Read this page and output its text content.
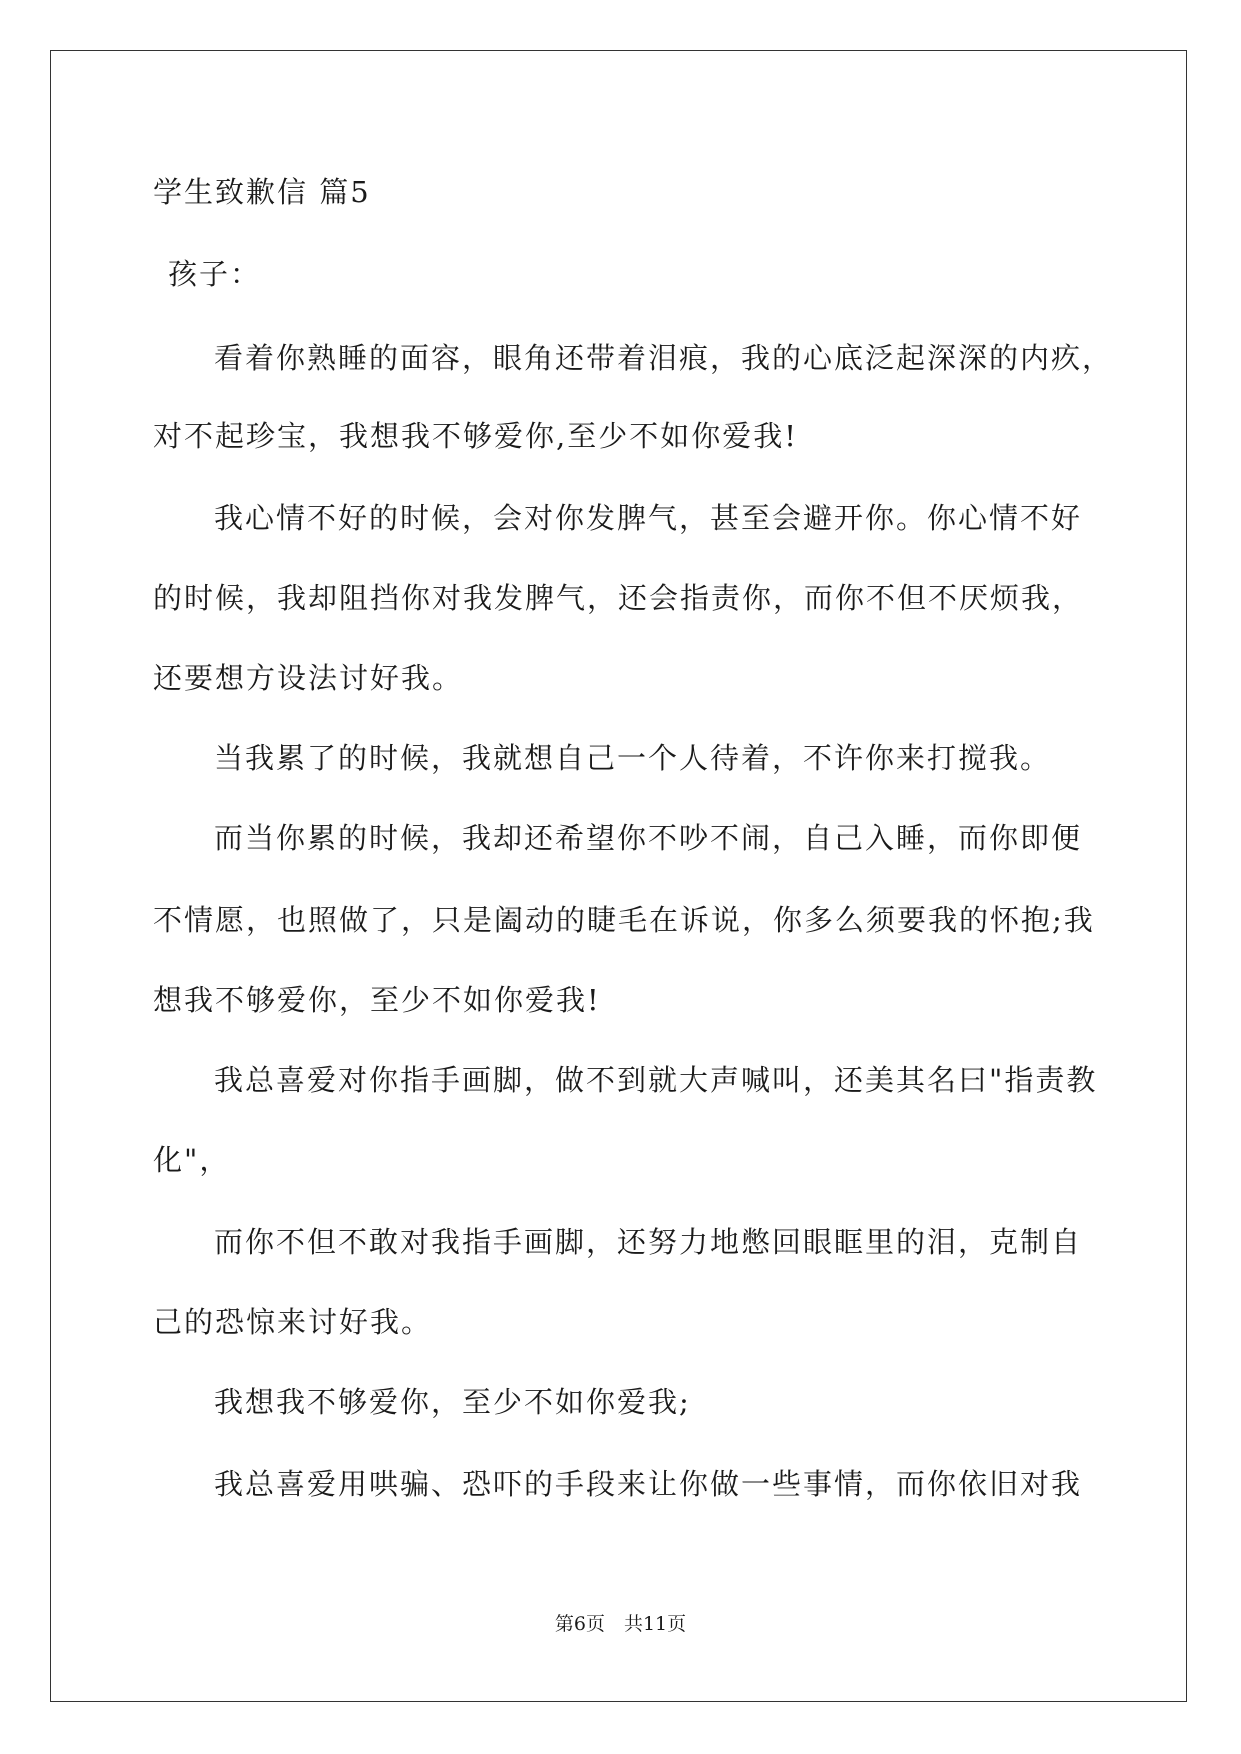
学生致歉信 篇5
孩子：
看着你熟睡的面容，眼角还带着泪痕，我的心底泛起深深的内疚，
对不起珍宝，我想我不够爱你,至少不如你爱我!
我心情不好的时候，会对你发脾气，甚至会避开你。你心情不好
的时候，我却阻挡你对我发脾气，还会指责你，而你不但不厌烦我，
还要想方设法讨好我。
当我累了的时候，我就想自己一个人待着，不许你来打搅我。
而当你累的时候，我却还希望你不吵不闹，自己入睡，而你即便
不情愿，也照做了，只是阖动的睫毛在诉说，你多么须要我的怀抱;我
想我不够爱你，至少不如你爱我!
我总喜爱对你指手画脚，做不到就大声喊叫，还美其名曰"指责教
化"，
而你不但不敢对我指手画脚，还努力地憋回眼眶里的泪，克制自
己的恐惊来讨好我。
我想我不够爱你，至少不如你爱我;
我总喜爱用哄骗、恐吓的手段来让你做一些事情，而你依旧对我
第6页　共11页
